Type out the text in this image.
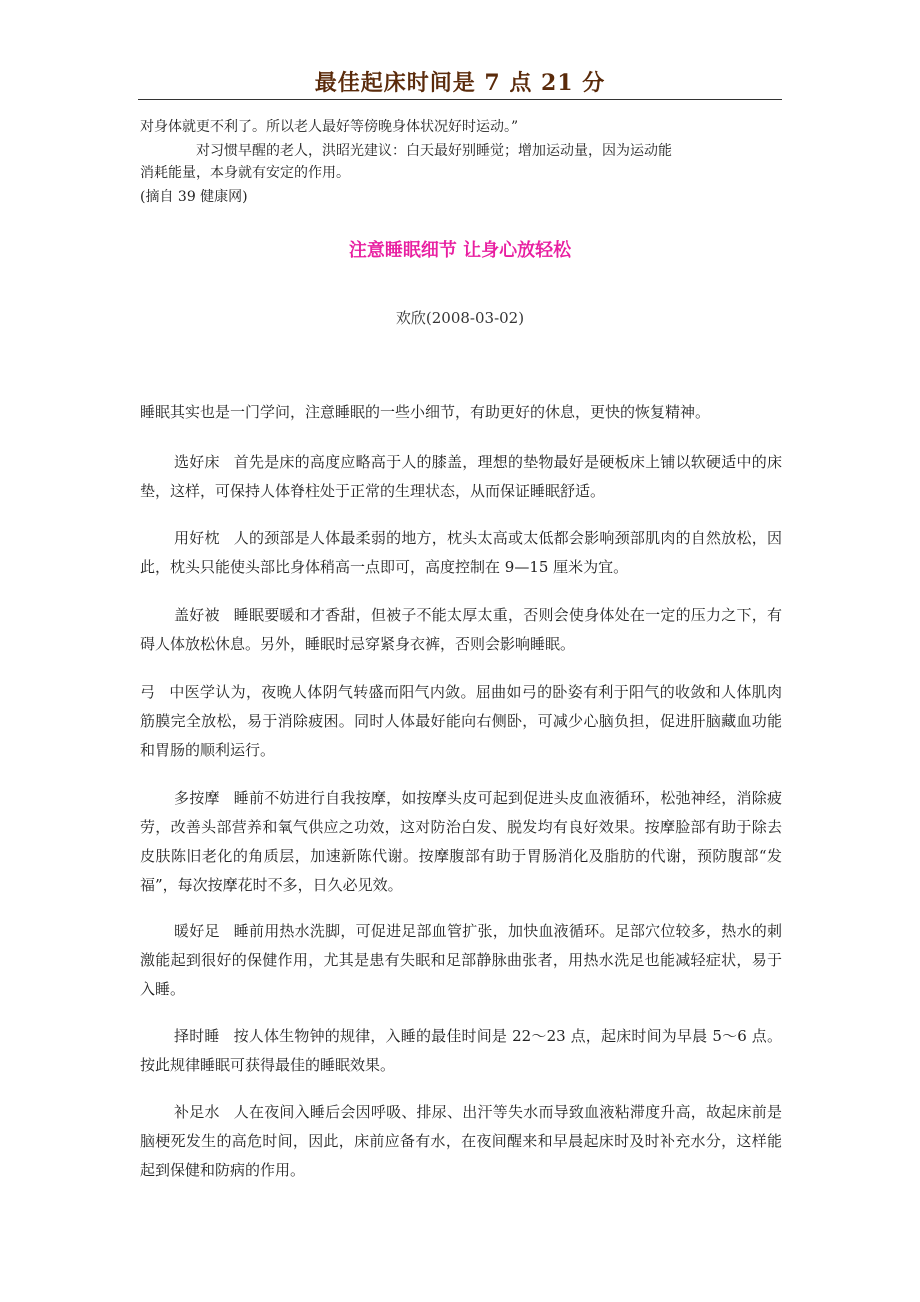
最佳起床时间是 7 点 21 分

对身体就更不利了。所以老人最好等傍晚身体状况好时运动。”

对习惯早醒的老人，洪昭光建议：白天最好别睡觉；增加运动量，因为运动能
消耗能量，本身就有安定的作用。

(摘自 39 健康网)

注意睡眠细节 让身心放轻松

欢欣(2008-03-02)

睡眠其实也是一门学问，注意睡眠的一些小细节，有助更好的休息，更快的恢复精神。

选好床 首先是床的高度应略高于人的膝盖，理想的垫物最好是硬板床上铺以软硬适中的床垫，这样，可保持人体脊柱处于正常的生理状态，从而保证睡眠舒适。

用好枕 人的颈部是人体最柔弱的地方，枕头太高或太低都会影响颈部肌肉的自然放松，因此，枕头只能使头部比身体稍高一点即可，高度控制在 9—15 厘米为宜。

盖好被 睡眠要暖和才香甜，但被子不能太厚太重，否则会使身体处在一定的压力之下，有碍人体放松休息。另外，睡眠时忌穿紧身衣裤，否则会影响睡眠。

弓 中医学认为，夜晚人体阴气转盛而阳气内敛。屈曲如弓的卧姿有利于阳气的收敛和人体肌肉筋膜完全放松，易于消除疲困。同时人体最好能向右侧卧，可减少心脑负担，促进肝脑藏血功能和胃肠的顺利运行。

多按摩 睡前不妨进行自我按摩，如按摩头皮可起到促进头皮血液循环，松弛神经，消除疲劳，改善头部营养和氧气供应之功效，这对防治白发、脱发均有良好效果。按摩脸部有助于除去皮肤陈旧老化的角质层，加速新陈代谢。按摩腹部有助于胃肠消化及脂肪的代谢，预防腹部“发福”，每次按摩花时不多，日久必见效。

暖好足 睡前用热水洗脚，可促进足部血管扩张，加快血液循环。足部穴位较多，热水的刺激能起到很好的保健作用，尤其是患有失眠和足部静脉曲张者，用热水洗足也能减轻症状，易于入睡。

择时睡 按人体生物钟的规律，入睡的最佳时间是 22～23 点，起床时间为早晨 5～6 点。按此规律睡眠可获得最佳的睡眠效果。

补足水 人在夜间入睡后会因呼吸、排尿、出汗等失水而导致血液粘滞度升高，故起床前是脑梗死发生的高危时间，因此，床前应备有水，在夜间醒来和早晨起床时及时补充水分，这样能起到保健和防病的作用。
